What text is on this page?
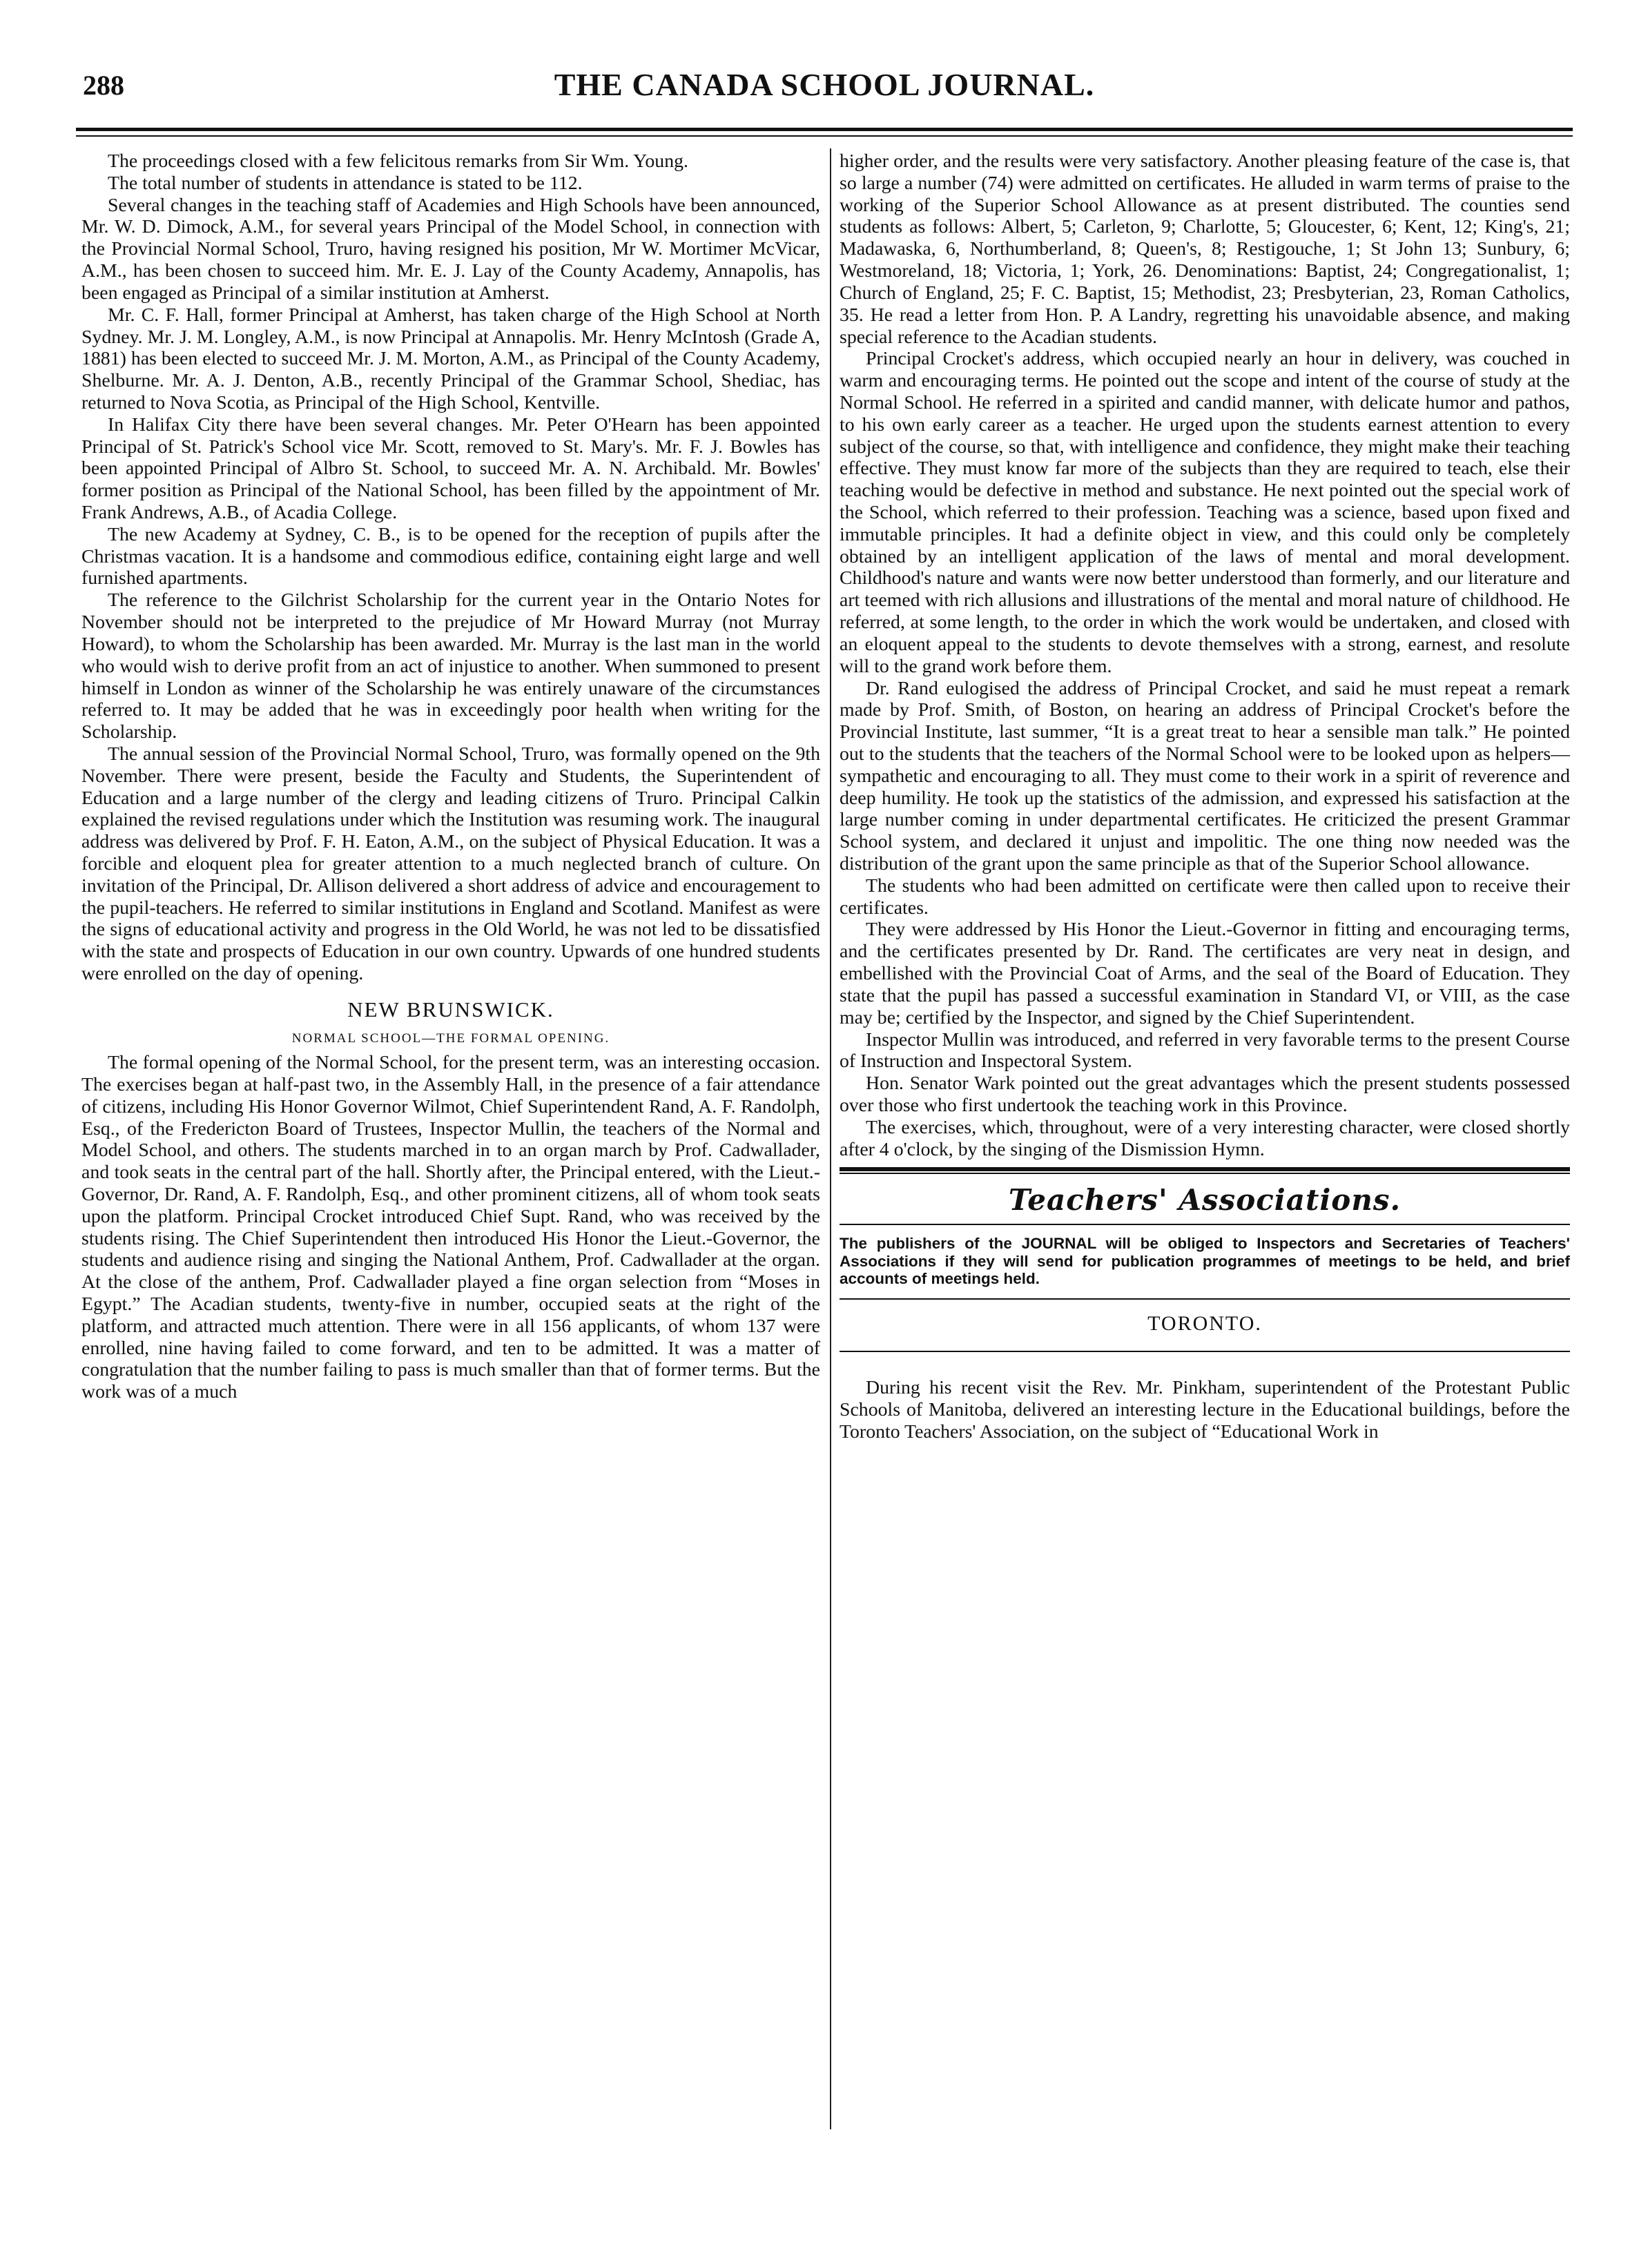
288	THE CANADA SCHOOL JOURNAL.

The proceedings closed with a few felicitous remarks from Sir Wm. Young.

The total number of students in attendance is stated to be 112.

Several changes in the teaching staff of Academies and High Schools have been announced, Mr. W. D. Dimock, A.M., for several years Principal of the Model School, in connection with the Provincial Normal School, Truro, having resigned his position, Mr W. Mortimer McVicar, A.M., has been chosen to succeed him. Mr. E. J. Lay of the County Academy, Annapolis, has been engaged as Principal of a similar institution at Amherst.

Mr. C. F. Hall, former Principal at Amherst, has taken charge of the High School at North Sydney. Mr. J. M. Longley, A.M., is now Principal at Annapolis. Mr. Henry McIntosh (Grade A, 1881) has been elected to succeed Mr. J. M. Morton, A.M., as Principal of the County Academy, Shelburne. Mr. A. J. Denton, A.B., recently Principal of the Grammar School, Shediac, has returned to Nova Scotia, as Principal of the High School, Kentville.

In Halifax City there have been several changes. Mr. Peter O'Hearn has been appointed Principal of St. Patrick's School vice Mr. Scott, removed to St. Mary's. Mr. F. J. Bowles has been appointed Principal of Albro St. School, to succeed Mr. A. N. Archibald. Mr. Bowles' former position as Principal of the National School, has been filled by the appointment of Mr. Frank Andrews, A.B., of Acadia College.

The new Academy at Sydney, C. B., is to be opened for the reception of pupils after the Christmas vacation. It is a handsome and commodious edifice, containing eight large and well furnished apartments.

The reference to the Gilchrist Scholarship for the current year in the Ontario Notes for November should not be interpreted to the prejudice of Mr Howard Murray (not Murray Howard), to whom the Scholarship has been awarded. Mr. Murray is the last man in the world who would wish to derive profit from an act of injustice to another. When summoned to present himself in London as winner of the Scholarship he was entirely unaware of the circumstances referred to. It may be added that he was in exceedingly poor health when writing for the Scholarship.

The annual session of the Provincial Normal School, Truro, was formally opened on the 9th November. There were present, beside the Faculty and Students, the Superintendent of Education and a large number of the clergy and leading citizens of Truro. Principal Calkin explained the revised regulations under which the Institution was resuming work. The inaugural address was delivered by Prof. F. H. Eaton, A.M., on the subject of Physical Education. It was a forcible and eloquent plea for greater attention to a much neglected branch of culture. On invitation of the Principal, Dr. Allison delivered a short address of advice and encouragement to the pupil-teachers. He referred to similar institutions in England and Scotland. Manifest as were the signs of educational activity and progress in the Old World, he was not led to be dissatisfied with the state and prospects of Education in our own country. Upwards of one hundred students were enrolled on the day of opening.

NEW BRUNSWICK.
NORMAL SCHOOL—THE FORMAL OPENING.

The formal opening of the Normal School, for the present term, was an interesting occasion. The exercises began at half-past two, in the Assembly Hall, in the presence of a fair attendance of citizens, including His Honor Governor Wilmot, Chief Superintendent Rand, A. F. Randolph, Esq., of the Fredericton Board of Trustees, Inspector Mullin, the teachers of the Normal and Model School, and others. The students marched in to an organ march by Prof. Cadwallader, and took seats in the central part of the hall. Shortly after, the Principal entered, with the Lieut.-Governor, Dr. Rand, A. F. Randolph, Esq., and other prominent citizens, all of whom took seats upon the platform. Principal Crocket introduced Chief Supt. Rand, who was received by the students rising. The Chief Superintendent then introduced His Honor the Lieut.-Governor, the students and audience rising and singing the National Anthem, Prof. Cadwallader at the organ. At the close of the anthem, Prof. Cadwallader played a fine organ selection from “Moses in Egypt.” The Acadian students, twenty-five in number, occupied seats at the right of the platform, and attracted much attention. There were in all 156 applicants, of whom 137 were enrolled, nine having failed to come forward, and ten to be admitted. It was a matter of congratulation that the number failing to pass is much smaller than that of former terms. But the work was of a much

higher order, and the results were very satisfactory. Another pleasing feature of the case is, that so large a number (74) were admitted on certificates. He alluded in warm terms of praise to the working of the Superior School Allowance as at present distributed. The counties send students as follows: Albert, 5; Carleton, 9; Charlotte, 5; Gloucester, 6; Kent, 12; King's, 21; Madawaska, 6, Northumberland, 8; Queen's, 8; Restigouche, 1; St John 13; Sunbury, 6; Westmoreland, 18; Victoria, 1; York, 26. Denominations: Baptist, 24; Congregationalist, 1; Church of England, 25; F. C. Baptist, 15; Methodist, 23; Presbyterian, 23, Roman Catholics, 35. He read a letter from Hon. P. A Landry, regretting his unavoidable absence, and making special reference to the Acadian students.

Principal Crocket's address, which occupied nearly an hour in delivery, was couched in warm and encouraging terms. He pointed out the scope and intent of the course of study at the Normal School. He referred in a spirited and candid manner, with delicate humor and pathos, to his own early career as a teacher. He urged upon the students earnest attention to every subject of the course, so that, with intelligence and confidence, they might make their teaching effective. They must know far more of the subjects than they are required to teach, else their teaching would be defective in method and substance. He next pointed out the special work of the School, which referred to their profession. Teaching was a science, based upon fixed and immutable principles. It had a definite object in view, and this could only be completely obtained by an intelligent application of the laws of mental and moral development. Childhood's nature and wants were now better understood than formerly, and our literature and art teemed with rich allusions and illustrations of the mental and moral nature of childhood. He referred, at some length, to the order in which the work would be undertaken, and closed with an eloquent appeal to the students to devote themselves with a strong, earnest, and resolute will to the grand work before them.

Dr. Rand eulogised the address of Principal Crocket, and said he must repeat a remark made by Prof. Smith, of Boston, on hearing an address of Principal Crocket's before the Provincial Institute, last summer, “It is a great treat to hear a sensible man talk.” He pointed out to the students that the teachers of the Normal School were to be looked upon as helpers—sympathetic and encouraging to all. They must come to their work in a spirit of reverence and deep humility. He took up the statistics of the admission, and expressed his satisfaction at the large number coming in under departmental certificates. He criticized the present Grammar School system, and declared it unjust and impolitic. The one thing now needed was the distribution of the grant upon the same principle as that of the Superior School allowance.

The students who had been admitted on certificate were then called upon to receive their certificates.

They were addressed by His Honor the Lieut.-Governor in fitting and encouraging terms, and the certificates presented by Dr. Rand. The certificates are very neat in design, and embellished with the Provincial Coat of Arms, and the seal of the Board of Education. They state that the pupil has passed a successful examination in Standard VI, or VIII, as the case may be; certified by the Inspector, and signed by the Chief Superintendent.

Inspector Mullin was introduced, and referred in very favorable terms to the present Course of Instruction and Inspectoral System.

Hon. Senator Wark pointed out the great advantages which the present students possessed over those who first undertook the teaching work in this Province.

The exercises, which, throughout, were of a very interesting character, were closed shortly after 4 o'clock, by the singing of the Dismission Hymn.

Teachers' Associations.

The publishers of the JOURNAL will be obliged to Inspectors and Secretaries of Teachers' Associations if they will send for publication programmes of meetings to be held, and brief accounts of meetings held.

TORONTO.

During his recent visit the Rev. Mr. Pinkham, superintendent of the Protestant Public Schools of Manitoba, delivered an interesting lecture in the Educational buildings, before the Toronto Teachers' Association, on the subject of “Educational Work in
